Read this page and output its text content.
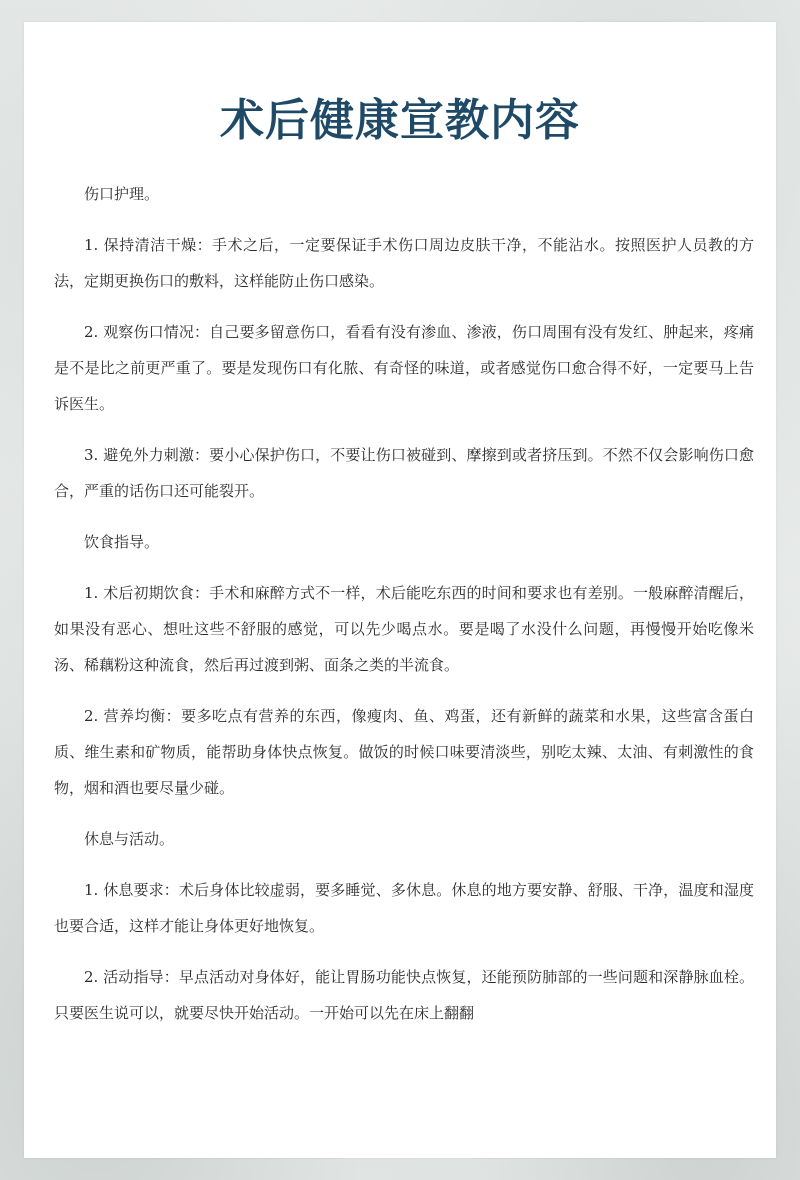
术后健康宣教内容

伤口护理。

1. 保持清洁干燥：手术之后，一定要保证手术伤口周边皮肤干净，不能沾水。按照医护人员教的方法，定期更换伤口的敷料，这样能防止伤口感染。

2. 观察伤口情况：自己要多留意伤口，看看有没有渗血、渗液，伤口周围有没有发红、肿起来，疼痛是不是比之前更严重了。要是发现伤口有化脓、有奇怪的味道，或者感觉伤口愈合得不好，一定要马上告诉医生。

3. 避免外力刺激：要小心保护伤口，不要让伤口被碰到、摩擦到或者挤压到。不然不仅会影响伤口愈合，严重的话伤口还可能裂开。

饮食指导。

1. 术后初期饮食：手术和麻醉方式不一样，术后能吃东西的时间和要求也有差别。一般麻醉清醒后，如果没有恶心、想吐这些不舒服的感觉，可以先少喝点水。要是喝了水没什么问题，再慢慢开始吃像米汤、稀藕粉这种流食，然后再过渡到粥、面条之类的半流食。

2. 营养均衡：要多吃点有营养的东西，像瘦肉、鱼、鸡蛋，还有新鲜的蔬菜和水果，这些富含蛋白质、维生素和矿物质，能帮助身体快点恢复。做饭的时候口味要清淡些，别吃太辣、太油、有刺激性的食物，烟和酒也要尽量少碰。

休息与活动。

1. 休息要求：术后身体比较虚弱，要多睡觉、多休息。休息的地方要安静、舒服、干净，温度和湿度也要合适，这样才能让身体更好地恢复。

2. 活动指导：早点活动对身体好，能让胃肠功能快点恢复，还能预防肺部的一些问题和深静脉血栓。只要医生说可以，就要尽快开始活动。一开始可以先在床上翻翻
